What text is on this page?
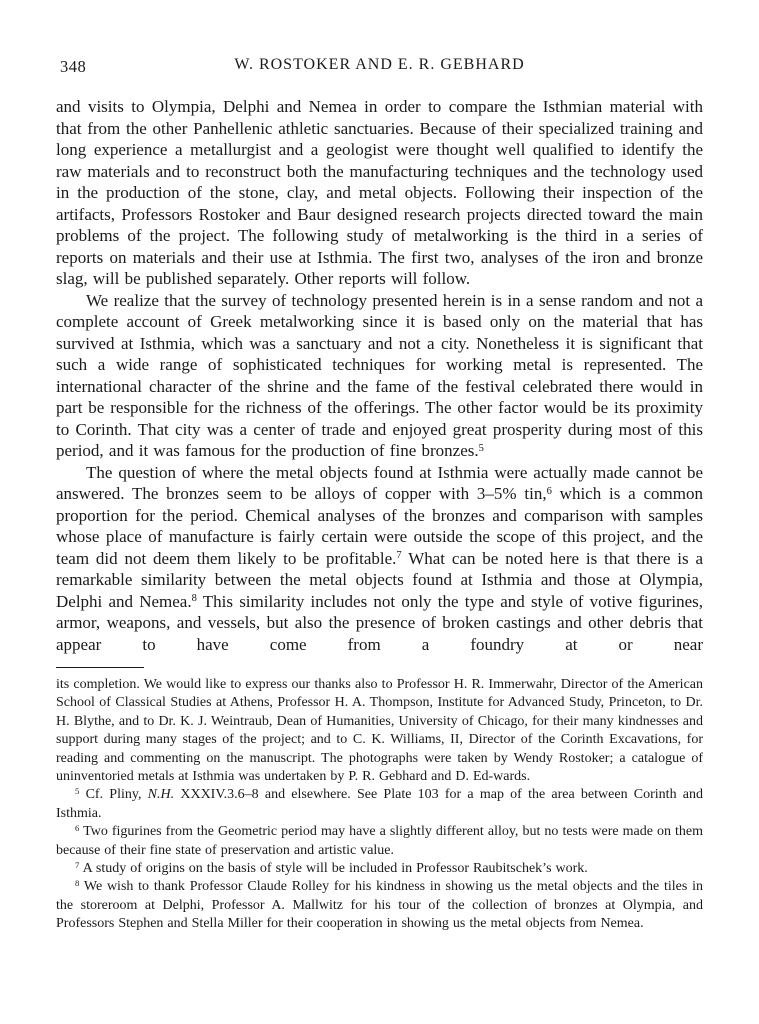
348	W. ROSTOKER AND E. R. GEBHARD

and visits to Olympia, Delphi and Nemea in order to compare the Isthmian material with that from the other Panhellenic athletic sanctuaries. Because of their specialized training and long experience a metallurgist and a geologist were thought well qualified to identify the raw materials and to reconstruct both the manufacturing techniques and the technology used in the production of the stone, clay, and metal objects. Following their inspection of the artifacts, Professors Rostoker and Baur designed research projects directed toward the main problems of the project. The following study of metalworking is the third in a series of reports on materials and their use at Isthmia. The first two, analyses of the iron and bronze slag, will be published separately. Other reports will follow.

We realize that the survey of technology presented herein is in a sense random and not a complete account of Greek metalworking since it is based only on the material that has survived at Isthmia, which was a sanctuary and not a city. Nonetheless it is significant that such a wide range of sophisticated techniques for working metal is represented. The international character of the shrine and the fame of the festival celebrated there would in part be responsible for the richness of the offerings. The other factor would be its proximity to Corinth. That city was a center of trade and enjoyed great prosperity during most of this period, and it was famous for the production of fine bronzes.$^5$

The question of where the metal objects found at Isthmia were actually made cannot be answered. The bronzes seem to be alloys of copper with 3–5% tin,$^6$ which is a common proportion for the period. Chemical analyses of the bronzes and comparison with samples whose place of manufacture is fairly certain were outside the scope of this project, and the team did not deem them likely to be profitable.$^7$ What can be noted here is that there is a remarkable similarity between the metal objects found at Isthmia and those at Olympia, Delphi and Nemea.$^8$ This similarity includes not only the type and style of votive figurines, armor, weapons, and vessels, but also the presence of broken castings and other debris that appear to have come from a foundry at or near

its completion. We would like to express our thanks also to Professor H. R. Immerwahr, Director of the American School of Classical Studies at Athens, Professor H. A. Thompson, Institute for Advanced Study, Princeton, to Dr. H. Blythe, and to Dr. K. J. Weintraub, Dean of Humanities, University of Chicago, for their many kindnesses and support during many stages of the project; and to C. K. Williams, II, Director of the Corinth Excavations, for reading and commenting on the manuscript. The photographs were taken by Wendy Rostoker; a catalogue of uninventoried metals at Isthmia was undertaken by P. R. Gebhard and D. Ed-wards.

$^5$ Cf. Pliny, N.H. XXXIV.3.6–8 and elsewhere. See Plate 103 for a map of the area between Corinth and Isthmia.

$^6$ Two figurines from the Geometric period may have a slightly different alloy, but no tests were made on them because of their fine state of preservation and artistic value.

$^7$ A study of origins on the basis of style will be included in Professor Raubitschek’s work.

$^8$ We wish to thank Professor Claude Rolley for his kindness in showing us the metal objects and the tiles in the storeroom at Delphi, Professor A. Mallwitz for his tour of the collection of bronzes at Olympia, and Professors Stephen and Stella Miller for their cooperation in showing us the metal objects from Nemea.
